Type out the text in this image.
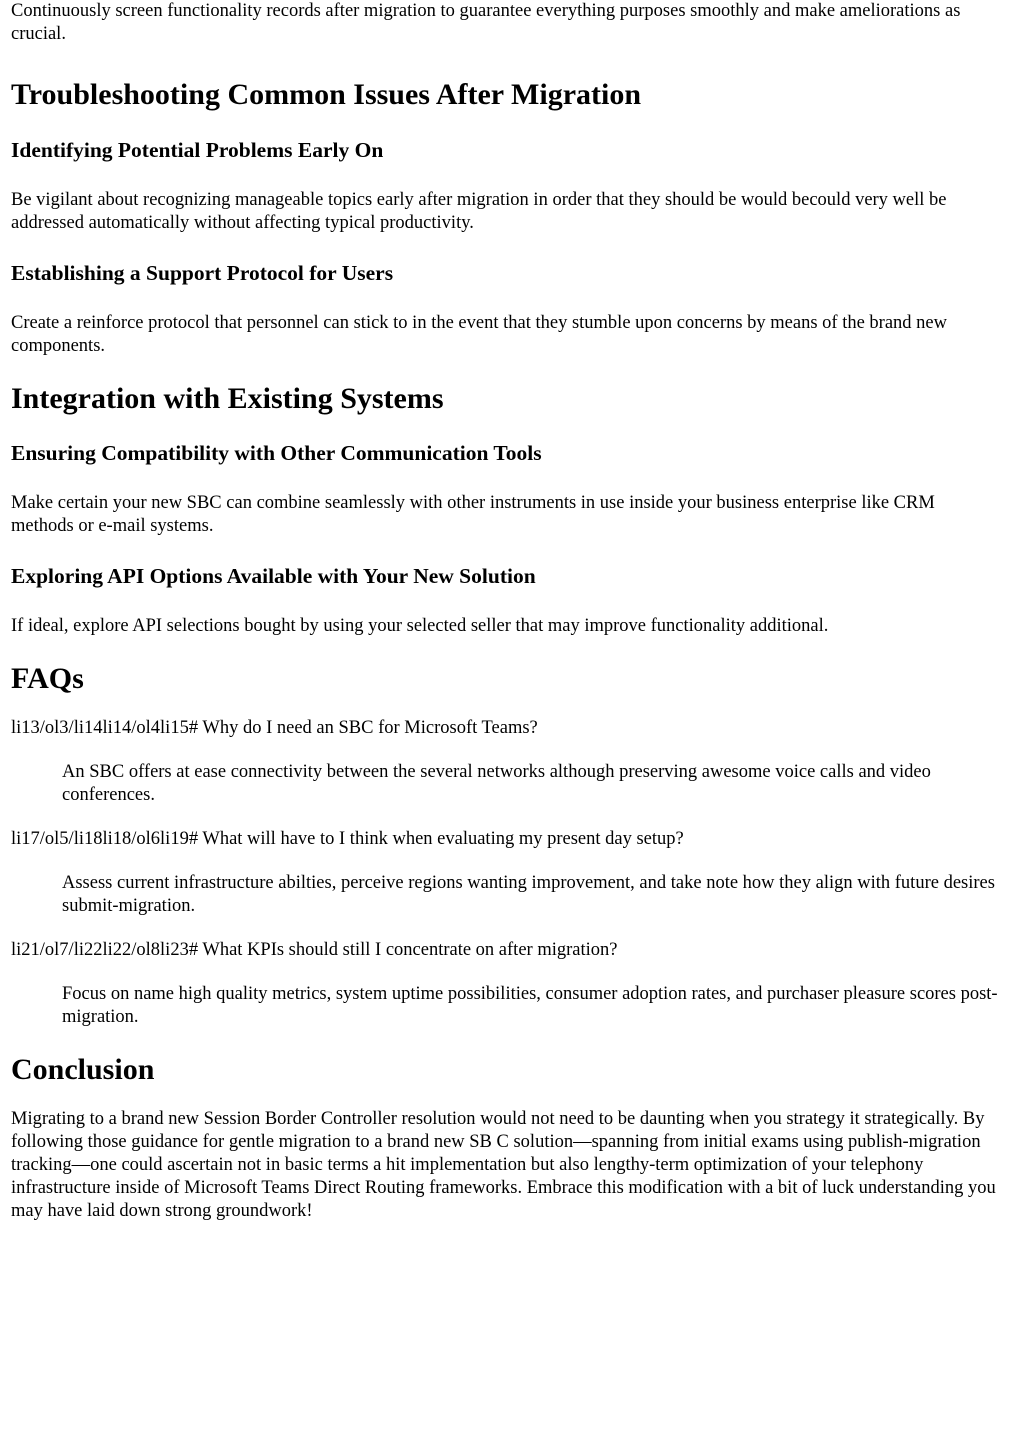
Continuously screen functionality records after migration to guarantee everything purposes smoothly and make ameliorations as crucial.

Troubleshooting Common Issues After Migration
Identifying Potential Problems Early On

Be vigilant about recognizing manageable topics early after migration in order that they should be would becould very well be addressed automatically without affecting typical productivity.

Establishing a Support Protocol for Users

Create a reinforce protocol that personnel can stick to in the event that they stumble upon concerns by means of the brand new components.

Integration with Existing Systems
Ensuring Compatibility with Other Communication Tools

Make certain your new SBC can combine seamlessly with other instruments in use inside your business enterprise like CRM methods or e-mail systems.

Exploring API Options Available with Your New Solution

If ideal, explore API selections bought by using your selected seller that may improve functionality additional.

FAQs

li13/ol3/li14li14/ol4li15# Why do I need an SBC for Microsoft Teams?

An SBC offers at ease connectivity between the several networks although preserving awesome voice calls and video conferences.

li17/ol5/li18li18/ol6li19# What will have to I think when evaluating my present day setup?

Assess current infrastructure abilties, perceive regions wanting improvement, and take note how they align with future desires submit-migration.

li21/ol7/li22li22/ol8li23# What KPIs should still I concentrate on after migration?

Focus on name high quality metrics, system uptime possibilities, consumer adoption rates, and purchaser pleasure scores post-migration.

Conclusion

Migrating to a brand new Session Border Controller resolution would not need to be daunting when you strategy it strategically. By following those guidance for gentle migration to a brand new SB C solution—spanning from initial exams using publish-migration tracking—one could ascertain not in basic terms a hit implementation but also lengthy-term optimization of your telephony infrastructure inside of Microsoft Teams Direct Routing frameworks. Embrace this modification with a bit of luck understanding you may have laid down strong groundwork!
